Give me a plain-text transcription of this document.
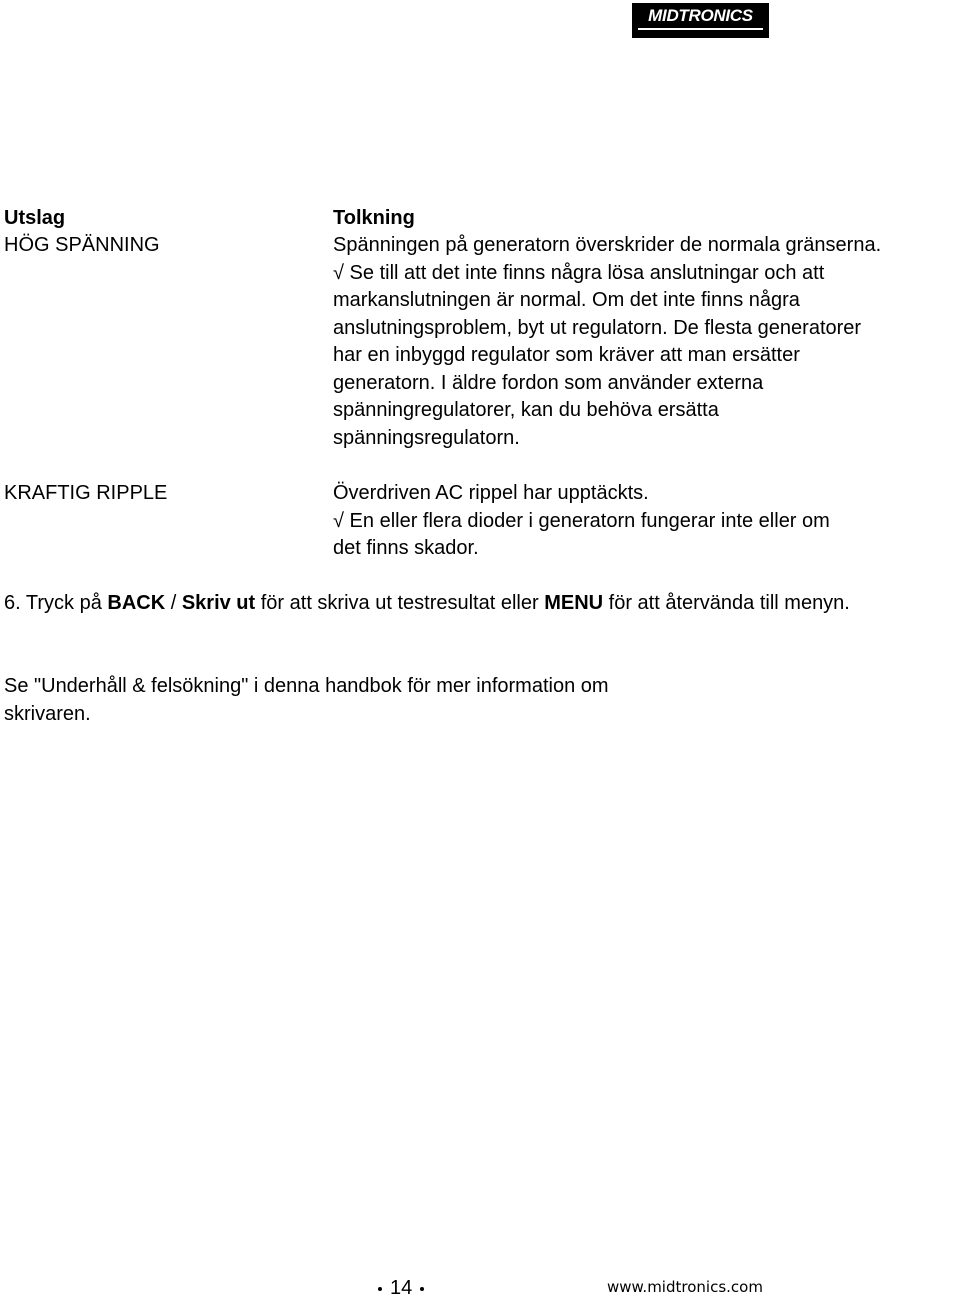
MIDTRONICS
Utslag	Tolkning
HÖG SPÄNNING	Spänningen på generatorn överskrider de normala gränserna.

√ Se till att det inte finns några lösa anslutningar och att markanslutningen är normal. Om det inte finns några anslutningsproblem, byt ut regulatorn. De flesta generatorer har en inbyggd regulator som kräver att man ersätter generatorn. I äldre fordon som använder externa spänningregulatorer, kan du behöva ersätta spänningsregulatorn.

KRAFTIG RIPPLE	Överdriven AC rippel har upptäckts.

√ En eller flera dioder i generatorn fungerar inte eller om det finns skador.

6. Tryck på BACK / Skriv ut för att skriva ut testresultat eller MENU för att återvända till menyn.
Se "Underhåll & felsökning" i denna handbok för mer information om skrivaren.
14	www.midtronics.com
